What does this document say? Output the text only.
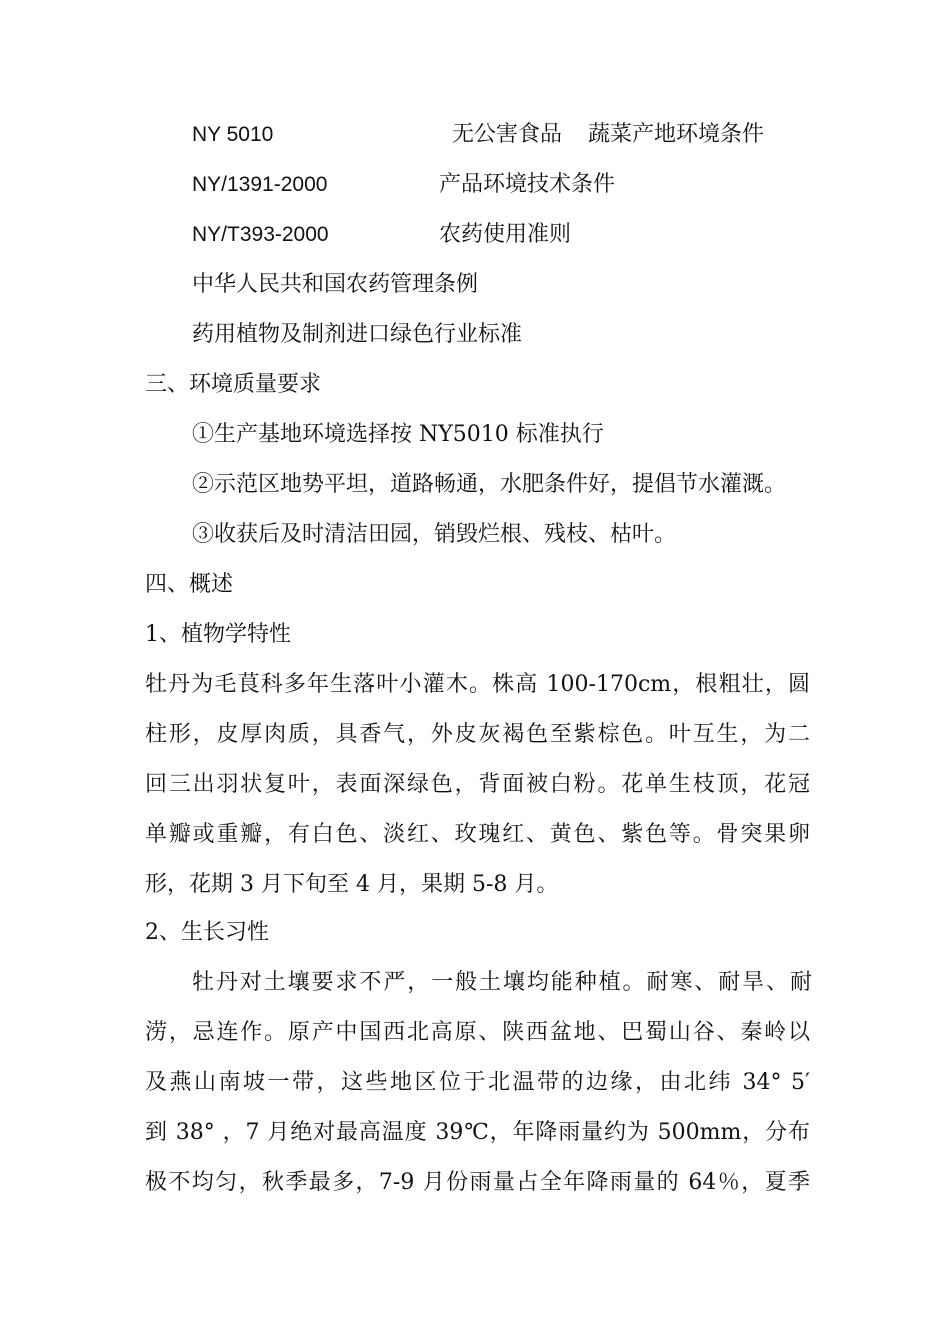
NY 5010	无公害食品 蔬菜产地环境条件
NY/1391-2000	产品环境技术条件
NY/T393-2000	农药使用准则
中华人民共和国农药管理条例
药用植物及制剂进口绿色行业标准
三、环境质量要求
①生产基地环境选择按 NY5010 标准执行
②示范区地势平坦，道路畅通，水肥条件好，提倡节水灌溉。
③收获后及时清洁田园，销毁烂根、残枝、枯叶。
四、概述
1、植物学特性
牡丹为毛茛科多年生落叶小灌木。株高 100-170cm，根粗壮，圆
柱形，皮厚肉质，具香气，外皮灰褐色至紫棕色。叶互生，为二
回三出羽状复叶，表面深绿色，背面被白粉。花单生枝顶，花冠
单瓣或重瓣，有白色、淡红、玫瑰红、黄色、紫色等。骨突果卵
形，花期 3 月下旬至 4 月，果期 5-8 月。
2、生长习性
牡丹对土壤要求不严，一般土壤均能种植。耐寒、耐旱、耐
涝，忌连作。原产中国西北高原、陕西盆地、巴蜀山谷、秦岭以
及燕山南坡一带，这些地区位于北温带的边缘，由北纬 34° 5′
到 38° ，7 月绝对最高温度 39℃，年降雨量约为 500mm，分布
极不均匀，秋季最多，7-9 月份雨量占全年降雨量的 64％，夏季
